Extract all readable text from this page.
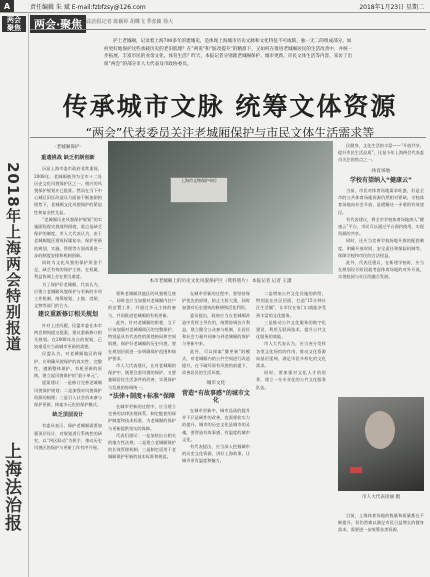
A	责任编辑 朱 斌 E-mail:fzbfzsy@126.com	2018年1月23日 星期二
两会
聚焦
2018年上海两会特别报道
上海法治报
两会·聚焦 □法治报记者 陈颖婷 胡蝶飞 季张颖 徐大

护上老城厢，记录着上海700多年的建城史，是体现上海城市历史文脉和文化特征不可或缺、独一无二的组成部分。如何更好地保护这些承载历史的老旧肌理？在“两说”和“脏改提升”的精准下，又如何在推进老城厢居民的生活改善中，并统一步拓展，丰富市民的业余文化、体育生活？昨天，本报记者分别就老城厢保护、城市更新、市民文体生活等内容，采访了出席“两会”的部分市人大代表及市政协委员。

传承城市文脉 统筹文体资源
“两会”代表委员关注老城厢保护与市民文体生活需求等

·老城厢保护·

重遗挑战 缺乏机制创新

历届上海市委市政府非常重视，2008年，老城厢被列为全市十二处历史文化风貌保护区之一。相应的风貌保护规划亦已批准。然而在当下中心城区旧区改造压力面前不断加剧的情势下，老城厢文化风貌保护的紧迫性和复杂性尤显。

“老城厢历史风貌保护规划”的实施面临现实挑战和困境，重点是缺乏保护的制度，市人大代表认为，由于老城厢地区建筑权属复杂，保护更新的规划、实施、管理等方面尚需进一步的制度安排和机制创新。

同时为文化风貌的保护资金不足，缺乏有效的保护主体，在权属、利益协调上存在相当难度。

为了保护好老城厢，代表认为，应建立老城厢风貌保护与更新的专项工作机制，统筹规划、土地、房屋、文物等部门的合力。

建议重新修订相关规划

针对上述问题，民盟市委在本市两会期间提交提案，建议重新修订相关规划。在2008年出台的规划，已较难适应当前城市更新的需要。

民盟认为，对老城厢地区的保护，应明确风貌保护的真实性、完整性，遵循整体保护、有机更新的原则，建立起风貌保护的“最小单元”。

提案建议：一是修订完善老城厢风貌保护规划；二是加强对风貌保护资源的梳理；三是引入社会资本参与保护更新，探索多元化的保护模式。

缺乏顶层设计

有委员表示，保护老城厢需要加强顶层设计，对规划进行系统性的研究，以“四区联动”为抓手，推动历史风貌区的保护与更新工作有序开展。

上海市文物保护单位
本市老城厢上的历史文化风貌保护区（资料照片） 本报记者 记者 王潇

须和老城厢其他区的风貌相互统一，同时也应当加强对老城厢内住户的安置工作，并通过多元主体的参与，共同推进老城厢的有机更新。

此外，针对老城厢的街巷，当下应该加强对老城厢街区的完整保护，特别是具有代表性的街巷格局和空间肌理，保护好老城厢的历史风貌，要在规划层面进一步明确保护范围和保护要求。

市人大代表建议，在对老城厢的保护中，既要注重风貌的保护，又要兼顾居民生活条件的改善，实现保护与发展的协调统一。

“法律+制度+标准”保障

在城市更新的过程中，应当建立完善的法律法规体系，制定配套的保护制度和技术标准，为老城厢的保护与更新提供坚实的保障。

代表们建议：一是加快出台相关的地方性法规；二是建立老城厢保护的长效管理机制；三是制定适用于老城厢保护更新的技术标准和规范。

在城市更新的过程中，要坚持保护优先的原则，防止大拆大建，同时加强对历史建筑的修缮和活化利用。

委员提出，政府应当在老城厢改造中发挥主导作用，统筹协调各方利益，建立健全公众参与机制，让居民和社会力量共同参与到老城厢的保护与更新中来。

此外，可以探索“微更新”的模式，对老城厢内的公共空间进行改造提升，在不破坏原有风貌的前提下，改善居民的生活环境。

·城市文化·

营造“有故事感”的城市文化

在城市更新中，城市品质的提升并不只是硬件的改善，也需要软实力的提升。城市的历史文化是城市的灵魂，要营造有故事感、有温度的城市文化。

有代表提出，应当深入挖掘城市的历史文化资源，讲好上海故事，让城市更有温度和魅力。

二是增加公共文化设施的供给，特别是在社区层面，打造“15分钟社区生活圈”，让市民在家门口就能享受到丰富的文化服务。

三是推动公共文化服务的数字化建设，利用互联网技术，提升公共文化服务的效能。

市人大代表认为，应当充分发挥各类文化场馆的作用，推动文化资源向基层延伸，满足市民多样化的文化需求。

同时，要加强对文化人才的培养，建立一支专业化的公共文化服务队伍。

民健身，文化生活的丰富——“开放共享，提升市民生活品质”，这是今年上海两会代表委员关注的焦点之一。

·体育场地·

学校有望纳入“健康云”

当前，市民对体育场地需求旺盛，但是全市的公共体育场地资源仍然相对紧缺，学校体育场地向社会开放，是缓解这一矛盾的有效途径。

有代表建议，将全市学校体育场地纳入“健康云”平台，市民可以通过平台预约使用，实现资源的共享。

同时，还应当完善学校场地开放的配套制度，明确开放时间、安全责任和保险机制等，保障学校和市民的合法权益。

此外，代表还建议，在新建学校时，应当在规划设计阶段就考虑体育场地的对外开放，实现校园与社区的融合发展。

市人大代表徐丽 摄

目前，上海体育场地的数量和质量都在不断提升，但仍然难以满足市民日益增长的健身需求，需要进一步统筹各类资源。
